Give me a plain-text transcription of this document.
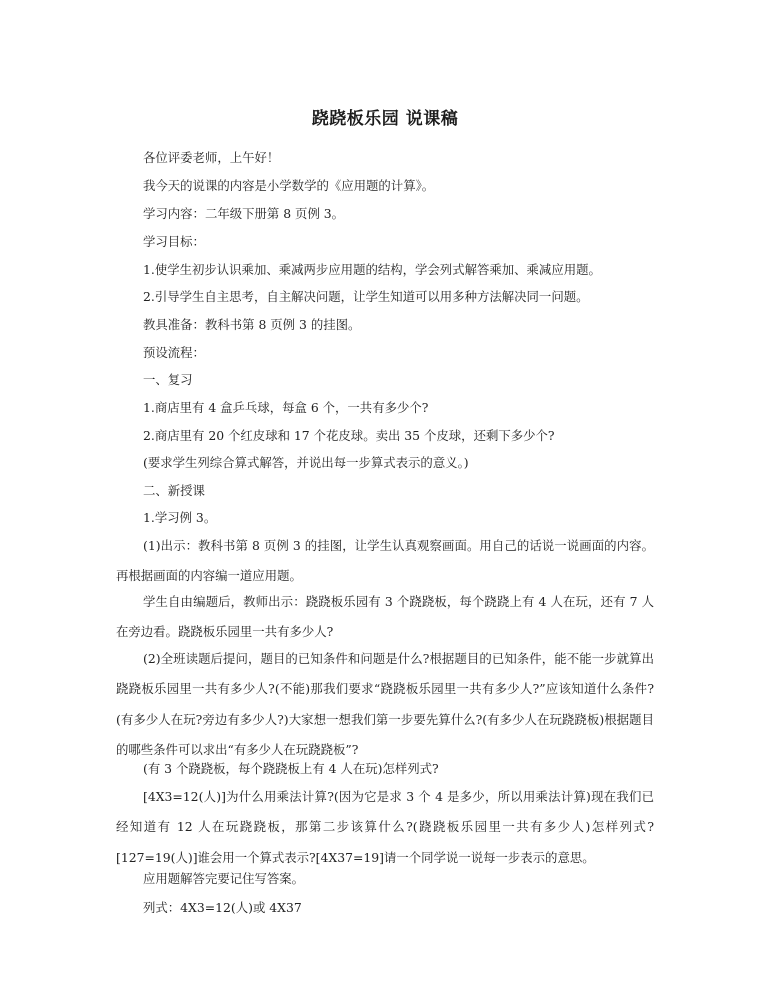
跷跷板乐园 说课稿
各位评委老师，上午好！
我今天的说课的内容是小学数学的《应用题的计算》。
学习内容：二年级下册第 8 页例 3。
学习目标：
1.使学生初步认识乘加、乘减两步应用题的结构，学会列式解答乘加、乘减应用题。
2.引导学生自主思考，自主解决问题，让学生知道可以用多种方法解决同一问题。
教具准备：教科书第 8 页例 3 的挂图。
预设流程：
一、复习
1.商店里有 4 盒乒乓球，每盒 6 个，一共有多少个?
2.商店里有 20 个红皮球和 17 个花皮球。卖出 35 个皮球，还剩下多少个?
(要求学生列综合算式解答，并说出每一步算式表示的意义。)
二、新授课
1.学习例 3。
(1)出示：教科书第 8 页例 3 的挂图，让学生认真观察画面。用自己的话说一说画面的内容。再根据画面的内容编一道应用题。
学生自由编题后，教师出示：跷跷板乐园有 3 个跷跷板，每个跷跷上有 4 人在玩，还有 7 人在旁边看。跷跷板乐园里一共有多少人?
(2)全班读题后提问，题目的已知条件和问题是什么?根据题目的已知条件，能不能一步就算出跷跷板乐园里一共有多少人?(不能)那我们要求“跷跷板乐园里一共有多少人?”应该知道什么条件?(有多少人在玩?旁边有多少人?)大家想一想我们第一步要先算什么?(有多少人在玩跷跷板)根据题目的哪些条件可以求出“有多少人在玩跷跷板”?
(有 3 个跷跷板，每个跷跷板上有 4 人在玩)怎样列式?
[4X3=12(人)]为什么用乘法计算?(因为它是求 3 个 4 是多少，所以用乘法计算)现在我们已经知道有 12 人在玩跷跷板，那第二步该算什么?(跷跷板乐园里一共有多少人)怎样列式?[127=19(人)]谁会用一个算式表示?[4X37=19]请一个同学说一说每一步表示的意思。
应用题解答完要记住写答案。
列式：4X3=12(人)或 4X37
